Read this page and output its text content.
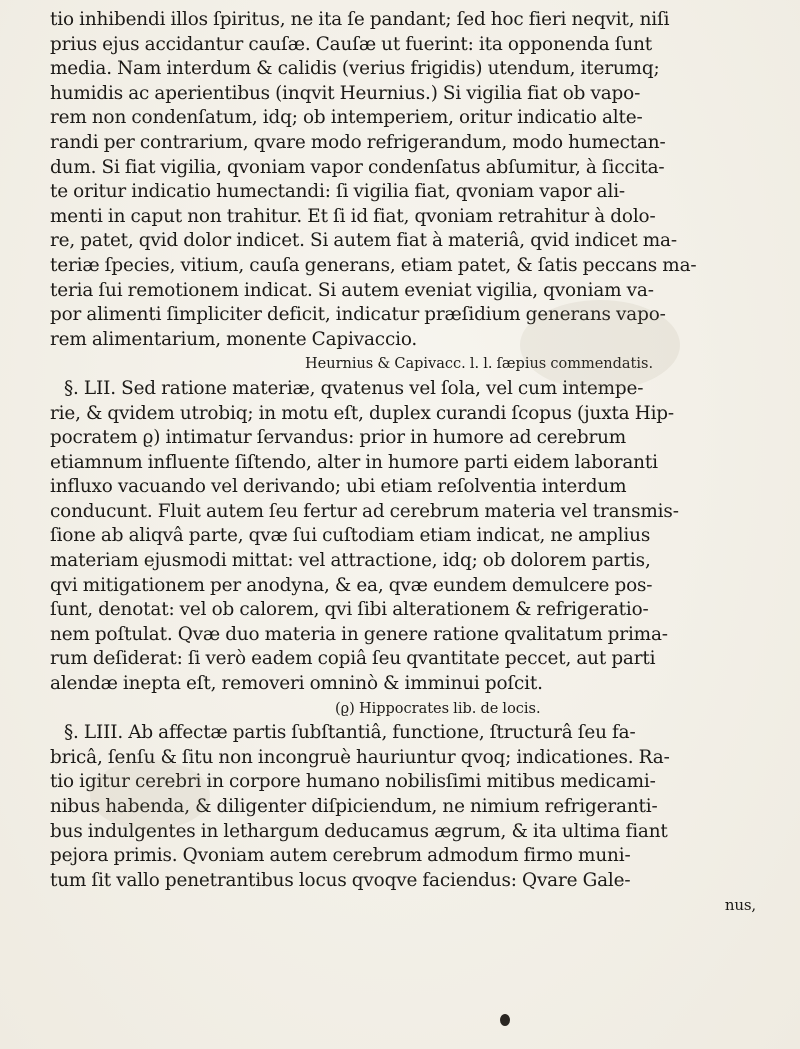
tio inhibendi illos ſpiritus, ne ita ſe pandant; ſed hoc fieri neqvit, niſi
prius ejus accidantur cauſæ. Cauſæ ut fuerint: ita opponenda ſunt
media. Nam interdum & calidis (verius frigidis) utendum, iterumq;
humidis ac aperientibus (inqvit Heurnius.) Si vigilia fiat ob vapo-
rem non condenſatum, idq; ob intemperiem, oritur indicatio alte-
randi per contrarium, qvare modo refrigerandum, modo humectan-
dum. Si fiat vigilia, qvoniam vapor condenſatus abſumitur, à ſiccita-
te oritur indicatio humectandi: ſi vigilia fiat, qvoniam vapor ali-
menti in caput non trahitur. Et ſi id fiat, qvoniam retrahitur à dolo-
re, patet, qvid dolor indicet. Si autem fiat à materiâ, qvid indicet ma-
teriæ ſpecies, vitium, cauſa generans, etiam patet, & ſatis peccans ma-
teria ſui remotionem indicat. Si autem eveniat vigilia, qvoniam va-
por alimenti ſimpliciter deficit, indicatur præſidium generans vapo-
rem alimentarium, monente Capivaccio.
Heurnius & Capivacc. l. l. ſæpius commendatis.
§. LII. Sed ratione materiæ, qvatenus vel ſola, vel cum intempe-
rie, & qvidem utrobiq; in motu eſt, duplex curandi ſcopus (juxta Hip-
pocratem ϱ) intimatur ſervandus: prior in humore ad cerebrum
etiamnum influente ſiſtendo, alter in humore parti eidem laboranti
influxo vacuando vel derivando; ubi etiam reſolventia interdum
conducunt. Fluit autem ſeu fertur ad cerebrum materia vel transmis-
ſione ab aliqvâ parte, qvæ ſui cuſtodiam etiam indicat, ne amplius
materiam ejusmodi mittat: vel attractione, idq; ob dolorem partis,
qvi mitigationem per anodyna, & ea, qvæ eundem demulcere pos-
ſunt, denotat: vel ob calorem, qvi ſibi alterationem & refrigeratio-
nem poſtulat. Qvæ duo materia in genere ratione qvalitatum prima-
rum deſiderat: ſi verò eadem copiâ ſeu qvantitate peccet, aut parti
alendæ inepta eſt, removeri omninò & imminui poſcit.
(ϱ) Hippocrates lib. de locis.
§. LIII. Ab affectæ partis ſubſtantiâ, functione, ſtructurâ ſeu fa-
bricâ, ſenſu & ſitu non incongruè hauriuntur qvoq; indicationes. Ra-
tio igitur cerebri in corpore humano nobilisſimi mitibus medicami-
nibus habenda, & diligenter diſpiciendum, ne nimium refrigeranti-
bus indulgentes in lethargum deducamus ægrum, & ita ultima fiant
pejora primis. Qvoniam autem cerebrum admodum firmo muni-
tum ſit vallo penetrantibus locus qvoqve faciendus: Qvare Gale-
nus,
